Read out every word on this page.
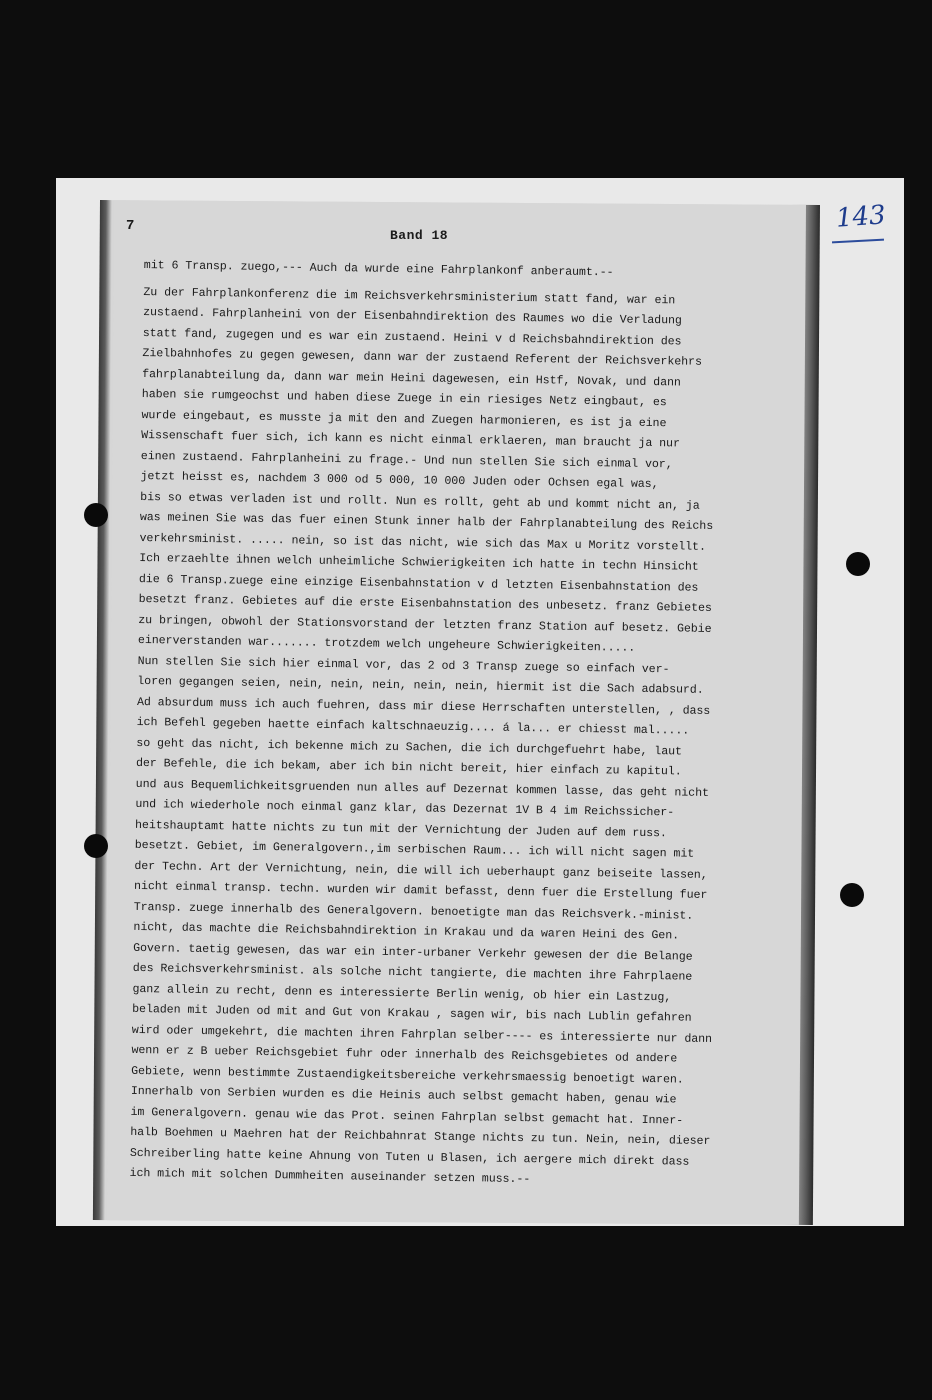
7
Band 18
143
mit 6 Transp. zuego,--- Auch da wurde eine Fahrplankonf anberaumt.--
Zu der Fahrplankonferenz die im Reichsverkehrsministerium statt fand, war ein
zustaend. Fahrplanheini von der Eisenbahndirektion des Raumes wo die Verladung
statt fand, zugegen und es war ein zustaend. Heini v d Reichsbahndirektion des
Zielbahnhofes zu gegen gewesen, dann war der zustaend Referent der Reichsverkehrs
fahrplanabteilung da, dann war mein Heini dagewesen, ein Hstf, Novak, und dann
haben sie rumgeochst und haben diese Zuege in ein riesiges Netz eingbaut, es
wurde eingebaut, es musste ja mit den and Zuegen harmonieren, es ist ja eine
Wissenschaft fuer sich, ich kann es nicht einmal erklaeren, man braucht ja nur
einen zustaend. Fahrplanheini zu frage.- Und nun stellen Sie sich einmal vor,
jetzt heisst es, nachdem 3 000 od 5 000, 10 000 Juden oder Ochsen egal was,
bis so etwas verladen ist und rollt. Nun es rollt, geht ab und kommt nicht an, ja
was meinen Sie was das fuer einen Stunk inner halb der Fahrplanabteilung des Reichs
verkehrsminist. ..... nein, so ist das nicht, wie sich das Max u Moritz vorstellt.
Ich erzaehlte ihnen welch unheimliche Schwierigkeiten ich hatte in techn Hinsicht
die 6 Transp.zuege eine einzige Eisenbahnstation v d letzten Eisenbahnstation des
besetzt franz. Gebietes auf die erste Eisenbahnstation des unbesetz. franz Gebietes
zu bringen, obwohl der Stationsvorstand der letzten franz Station auf besetz. Gebie
einerverstanden war....... trotzdem welch ungeheure Schwierigkeiten.....
Nun stellen Sie sich hier einmal vor, das 2 od 3 Transp zuege so einfach ver-
loren gegangen seien, nein, nein, nein, nein, nein, hiermit ist die Sach adabsurd.
Ad absurdum muss ich auch fuehren, dass mir diese Herrschaften unterstellen, , dass
ich Befehl gegeben haette einfach kaltschnaeuzig.... á la... er chiesst mal.....
so geht das nicht, ich bekenne mich zu Sachen, die ich durchgefuehrt habe, laut
der Befehle, die ich bekam, aber ich bin nicht bereit, hier einfach zu kapitul.
und aus Bequemlichkeitsgruenden nun alles auf Dezernat kommen lasse, das geht nicht
und ich wiederhole noch einmal ganz klar, das Dezernat 1V B 4 im Reichssicher-
heitshauptamt hatte nichts zu tun mit der Vernichtung der Juden auf dem russ.
besetzt. Gebiet, im Generalgovern.,im serbischen Raum... ich will nicht sagen mit
der Techn. Art der Vernichtung, nein, die will ich ueberhaupt ganz beiseite lassen,
nicht einmal transp. techn. wurden wir damit befasst, denn fuer die Erstellung fuer
Transp. zuege innerhalb des Generalgovern. benoetigte man das Reichsverk.-minist.
nicht, das machte die Reichsbahndirektion in Krakau und da waren Heini des Gen.
Govern. taetig gewesen, das war ein inter-urbaner Verkehr gewesen der die Belange
des Reichsverkehrsminist. als solche nicht tangierte, die machten ihre Fahrplaene
ganz allein zu recht, denn es interessierte Berlin wenig, ob hier ein Lastzug,
beladen mit Juden od mit and Gut von Krakau , sagen wir, bis nach Lublin gefahren
wird oder umgekehrt, die machten ihren Fahrplan selber---- es interessierte nur dann
wenn er z B ueber Reichsgebiet fuhr oder innerhalb des Reichsgebietes od andere
Gebiete, wenn bestimmte Zustaendigkeitsbereiche verkehrsmaessig benoetigt waren.
Innerhalb von Serbien wurden es die Heinis auch selbst gemacht haben, genau wie
im Generalgovern. genau wie das Prot. seinen Fahrplan selbst gemacht hat. Inner-
halb Boehmen u Maehren hat der Reichbahnrat Stange nichts zu tun. Nein, nein, dieser
Schreiberling hatte keine Ahnung von Tuten u Blasen, ich aergere mich direkt dass
ich mich mit solchen Dummheiten auseinander setzen muss.--
